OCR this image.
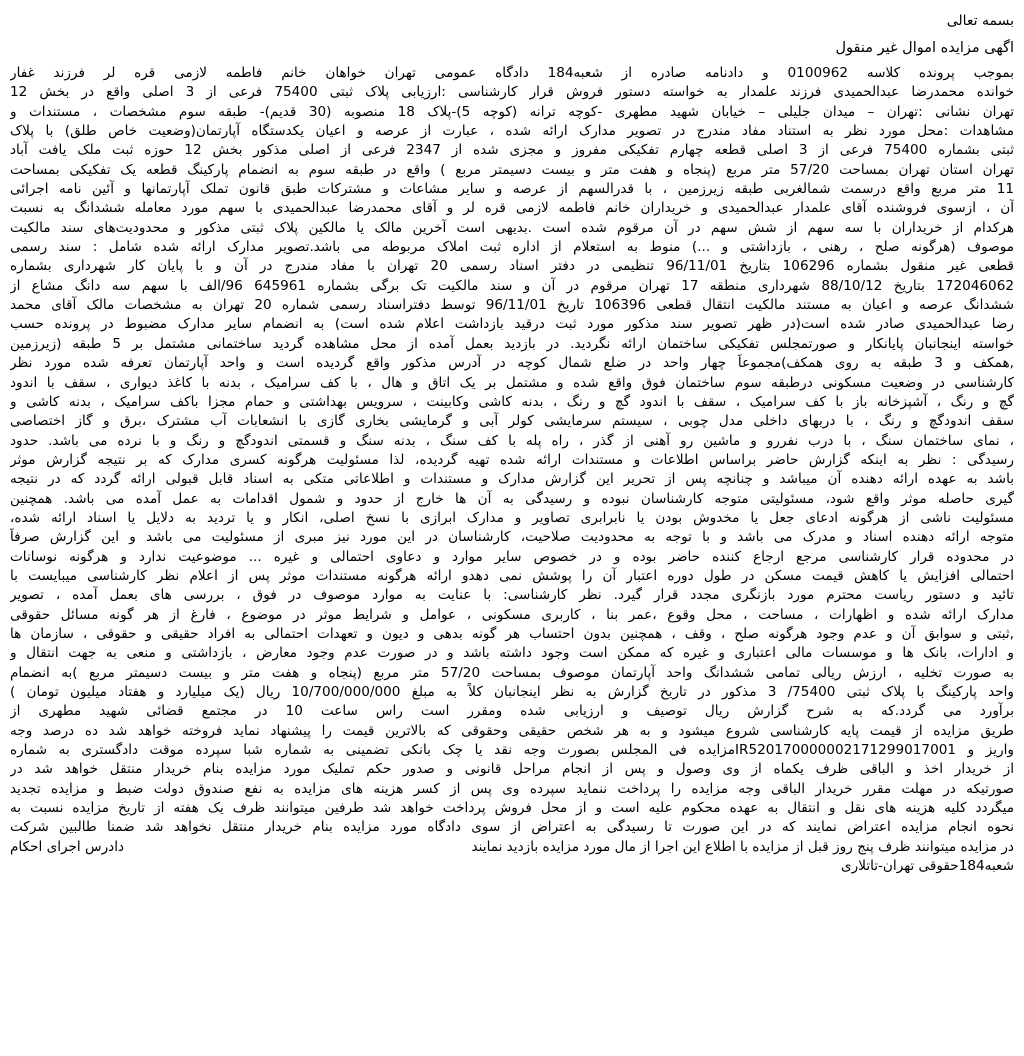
بسمه تعالی
اگهی مزایده اموال غیر منقول
بموجب پرونده کلاسه 0100962 و دادنامه صادره از شعبه184 دادگاه عمومی تهران خواهان خانم فاطمه لازمی قره لر فرزند غفار
خوانده محمدرضا عبدالحمیدی فرزند علمدار به خواسته دستور فروش قرار کارشناسی :ارزیابی پلاک ثبتی 75400 فرعی از 3 اصلی واقع در بخش 12
تهران نشانی :تهران – میدان جلیلی – خیابان شهید مطهری -کوچه ترانه (کوچه 5)-پلاک 18 منصوبه (30 قدیم)- طبقه سوم مشخصات ، مستندات و
مشاهدات :محل مورد نظر به استناد مفاد مندرج در تصویر مدارک ارائه شده ، عبارت از عرصه و اعیان یکدستگاه آپارتمان(وضعیت خاص طلق) با پلاک
ثبتی بشماره 75400 فرعی از 3 اصلی قطعه چهارم تفکیکی مفروز و مجزی شده از 2347 فرعی از اصلی مذکور بخش 12 حوزه ثبت ملک یافت آباد
تهران استان تهران بمساحت 57/20 متر مربع (پنجاه و هفت متر و بیست دسیمتر مربع ) واقع در طبقه سوم به انضمام پارکینگ قطعه یک تفکیکی بمساحت
11 متر مربع واقع درسمت شمالغربی طبقه زیرزمین ، با قدرالسهم از عرصه و سایر مشاعات و مشترکات طبق قانون تملک آپارتمانها و آئین نامه اجرائی
آن ، ازسوی فروشنده آقای علمدار عبدالحمیدی و خریداران خانم فاطمه لازمی قره لر و آقای محمدرضا عبدالحمیدی با سهم مورد معامله ششدانگ به نسبت
هرکدام از خریداران با سه سهم از شش سهم در آن مرقوم شده است .بدیهی است آخرین مالک یا مالکین پلاک ثبتی مذکور و محدودیت‌های سند مالکیت
موصوف (هرگونه صلح ، رهنی ، بازداشتی و ...) منوط به استعلام از اداره ثبت املاک مربوطه می باشد.تصویر مدارک ارائه شده شامل : سند رسمی
قطعی غیر منقول بشماره 106296 بتاریخ 96/11/01 تنظیمی در دفتر اسناد رسمی 20 تهران با مفاد مندرج در آن و با پایان کار شهرداری بشماره
172046062 بتاریخ 88/10/12 شهرداری منطقه 17 تهران مرقوم در آن و سند مالکیت تک برگی بشماره 645961 96/الف با سهم سه دانگ مشاع از
ششدانگ عرصه و اعیان به مستند مالکیت انتقال قطعی 106396 تاریخ 96/11/01 توسط دفتراسناد رسمی شماره 20 تهران به مشخصات مالک آقای محمد
رضا عبدالحمیدی صادر شده است(در ظهر تصویر سند مذکور مورد ثبت درقید بازداشت اعلام شده است) به انضمام سایر مدارک مضبوط در پرونده حسب
خواسته اینجانبان پایانکار و صورتمجلس تفکیکی ساختمان ارائه نگردید. در بازدید بعمل آمده از محل مشاهده گردید ساختمانی مشتمل بر 5 طبقه (زیرزمین
,همکف و 3 طبقه به روی همکف)مجموعاً چهار واحد در ضلع شمال کوچه در آدرس مذکور واقع گردیده است و واحد آپارتمان تعرفه شده مورد نظر
کارشناسی در وضعیت مسکونی درطبقه سوم ساختمان فوق واقع شده و مشتمل بر یک اتاق و هال ، با کف سرامیک ، بدنه با کاغذ دیواری ، سقف با اندود
گچ و رنگ ، آشپزخانه باز با کف سرامیک ، سقف با اندود گچ و رنگ ، بدنه کاشی وکابینت ، سرویس بهداشتی و حمام مجزا باکف سرامیک ، بدنه کاشی و
سقف اندودگچ و رنگ ، با دربهای داخلی مدل چوبی ، سیستم سرمایشی کولر آبی و گرمایشی بخاری گازی با انشعابات آب مشترک ،برق و گاز اختصاصی
، نمای ساختمان سنگ ، با درب نفررو و ماشین رو آهنی از گذر ، راه پله با کف سنگ ، بدنه سنگ و قسمتی اندودگچ و رنگ و با نرده می باشد. حدود
رسیدگی : نظر به اینکه گزارش حاضر براساس اطلاعات و مستندات ارائه شده تهیه گردیده، لذا مسئولیت هرگونه کسری مدارک که بر نتیجه گزارش موثر
باشد به عهده ارائه دهنده آن میباشد و چنانچه پس از تحریر این گزارش مدارک و مستندات و اطلاعاتی متکی به اسناد قابل قبولی ارائه گردد که در نتیجه
گیری حاصله موثر واقع شود، مسئولیتی متوجه کارشناسان نبوده و رسیدگی به آن ها خارج از حدود و شمول اقدامات به عمل آمده می باشد. همچنین
مسئولیت ناشی از هرگونه ادعای جعل یا مخدوش بودن یا نابرابری تصاویر و مدارک ابرازی با نسخ اصلی، انکار و یا تردید به دلایل یا اسناد ارائه شده،
متوجه ارائه دهنده اسناد و مدرک می باشد و با توجه به محدودیت صلاحیت، کارشناسان در این مورد نیز مبری از مسئولیت می باشد و این گزارش صرفاً
در محدوده قرار کارشناسی مرجع ارجاع کننده حاضر بوده و در خصوص سایر موارد و دعاوی احتمالی و غیره ... موضوعیت ندارد و هرگونه نوسانات
احتمالی افزایش یا کاهش قیمت مسکن در طول دوره اعتبار آن را پوشش نمی دهدو ارائه هرگونه مستندات موثر پس از اعلام نظر کارشناسی میبایست با
تائید و دستور ریاست محترم مورد بازنگری مجدد قرار گیرد. نظر کارشناسی: با عنایت به موارد موصوف در فوق ، بررسی های بعمل آمده ، تصویر
مدارک ارائه شده و اظهارات ، مساحت ، محل وقوع ،عمر بنا ، کاربری مسکونی ، عوامل و شرایط موثر در موضوع ، فارغ از هر گونه مسائل حقوقی
,ثبتی و سوابق آن و عدم وجود هرگونه صلح ، وقف ، همچنین بدون احتساب هر گونه بدهی و دیون و تعهدات احتمالی به افراد حقیقی و حقوقی ، سازمان ها
و ادارات، بانک ها و موسسات مالی اعتباری و غیره که ممکن است وجود داشته باشد و در صورت عدم وجود معارض ، بازداشتی و منعی به جهت انتقال و
به صورت تخلیه ، ارزش ریالی تمامی ششدانگ واحد آپارتمان موصوف بمساحت 57/20 متر مربع (پنجاه و هفت متر و بیست دسیمتر مربع )به انضمام
واحد پارکینگ با پلاک ثبتی 75400/ 3 مذکور در تاریخ گزارش به نظر اینجانبان کلاً به مبلغ 10/700/000/000 ریال (یک میلیارد و هفتاد میلیون تومان )
برآورد می گردد.که به شرح گزارش ریال توصیف و ارزیابی شده ومقرر است راس ساعت 10 در مجتمع قضائی شهید مطهری از
طریق مزایده از قیمت پایه کارشناسی شروع میشود و به هر شخص حقیقی وحقوقی که بالاترین قیمت را پیشنهاد نماید فروخته خواهد شد ده درصد وجه
واریز و IR520170000002171299017001مزایده فی المجلس بصورت وجه نقد یا چک بانکی تضمینی به شماره شبا سپرده موقت دادگستری به شماره
از خریدار اخذ و الباقی ظرف یکماه از وی وصول و پس از انجام مراحل قانونی و صدور حکم تملیک مورد مزایده بنام خریدار منتقل خواهد شد در
صورتیکه در مهلت مقرر خریدار الباقی وجه مزایده را پرداخت ننماید سپرده وی پس از کسر هزینه های مزایده به نفع صندوق دولت ضبط و مزایده تجدید
میگردد کلیه هزینه های نقل و انتقال به عهده محکوم علیه است و از محل فروش پرداخت خواهد شد طرفین میتوانند ظرف یک هفته از تاریخ مزایده نسبت به
نحوه انجام مزایده اعتراض نمایند که در این صورت تا رسیدگی به اعتراض از سوی دادگاه مورد مزایده بنام خریدار منتقل نخواهد شد ضمنا طالبین شرکت
در مزایده میتوانند ظرف پنج روز قبل از مزایده با اطلاع این اجرا از مال مورد مزایده بازدید نمایند
دادرس اجرای احکام
شعبه184حقوقی تهران-تاتلاری
